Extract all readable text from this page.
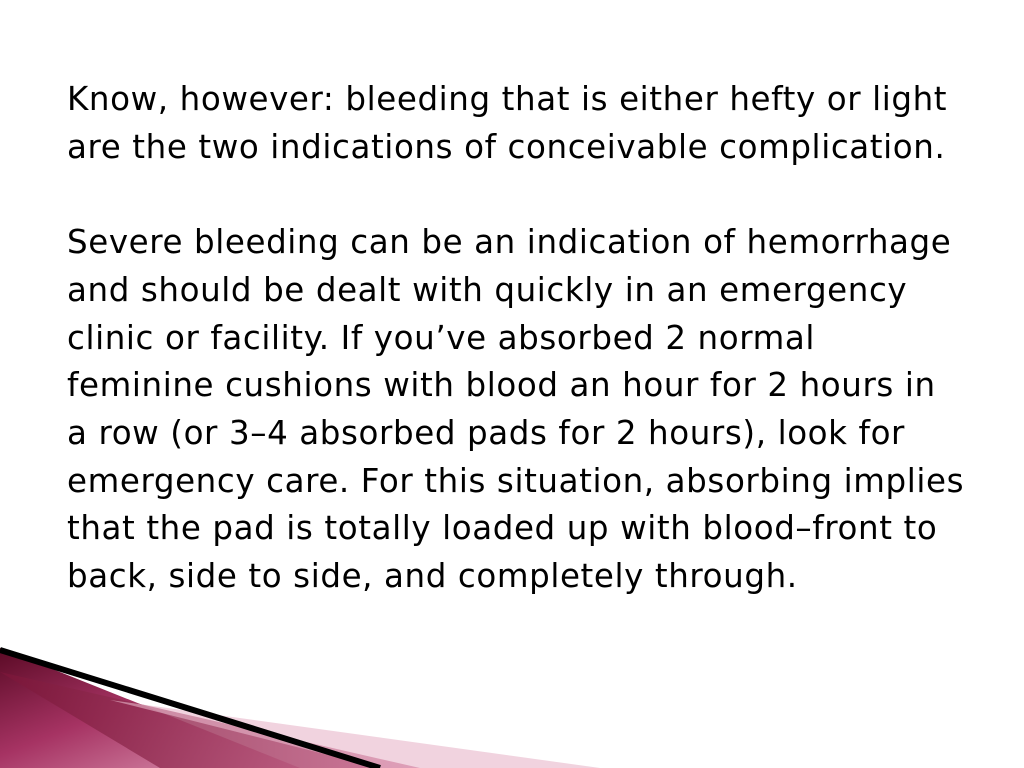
Know, however: bleeding that is either hefty or light are the two indications of conceivable complication.

Severe bleeding can be an indication of hemorrhage and should be dealt with quickly in an emergency clinic or facility. If you’ve absorbed 2 normal feminine cushions with blood an hour for 2 hours in a row (or 3–4 absorbed pads for 2 hours), look for emergency care. For this situation, absorbing implies that the pad is totally loaded up with blood–front to back, side to side, and completely through.
